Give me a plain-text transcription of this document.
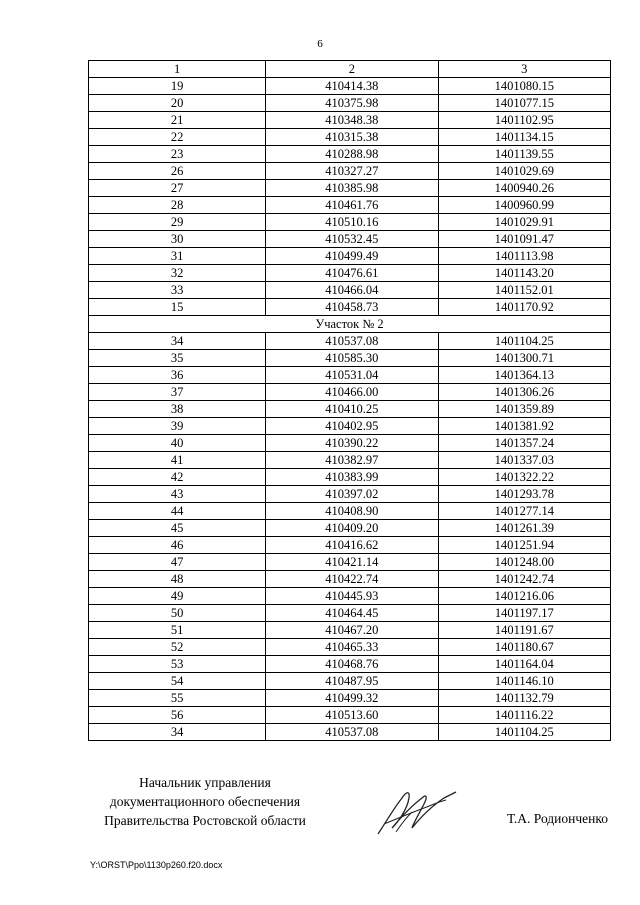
6
1	2	3
19	410414.38	1401080.15
20	410375.98	1401077.15
21	410348.38	1401102.95
22	410315.38	1401134.15
23	410288.98	1401139.55
26	410327.27	1401029.69
27	410385.98	1400940.26
28	410461.76	1400960.99
29	410510.16	1401029.91
30	410532.45	1401091.47
31	410499.49	1401113.98
32	410476.61	1401143.20
33	410466.04	1401152.01
15	410458.73	1401170.92
Участок № 2		
34	410537.08	1401104.25
35	410585.30	1401300.71
36	410531.04	1401364.13
37	410466.00	1401306.26
38	410410.25	1401359.89
39	410402.95	1401381.92
40	410390.22	1401357.24
41	410382.97	1401337.03
42	410383.99	1401322.22
43	410397.02	1401293.78
44	410408.90	1401277.14
45	410409.20	1401261.39
46	410416.62	1401251.94
47	410421.14	1401248.00
48	410422.74	1401242.74
49	410445.93	1401216.06
50	410464.45	1401197.17
51	410467.20	1401191.67
52	410465.33	1401180.67
53	410468.76	1401164.04
54	410487.95	1401146.10
55	410499.32	1401132.79
56	410513.60	1401116.22
34	410537.08	1401104.25
Начальник управления
документационного обеспечения
Правительства Ростовской области	Т.А. Родионченко
Y:\ORST\Ppo\1130p260.f20.docx
